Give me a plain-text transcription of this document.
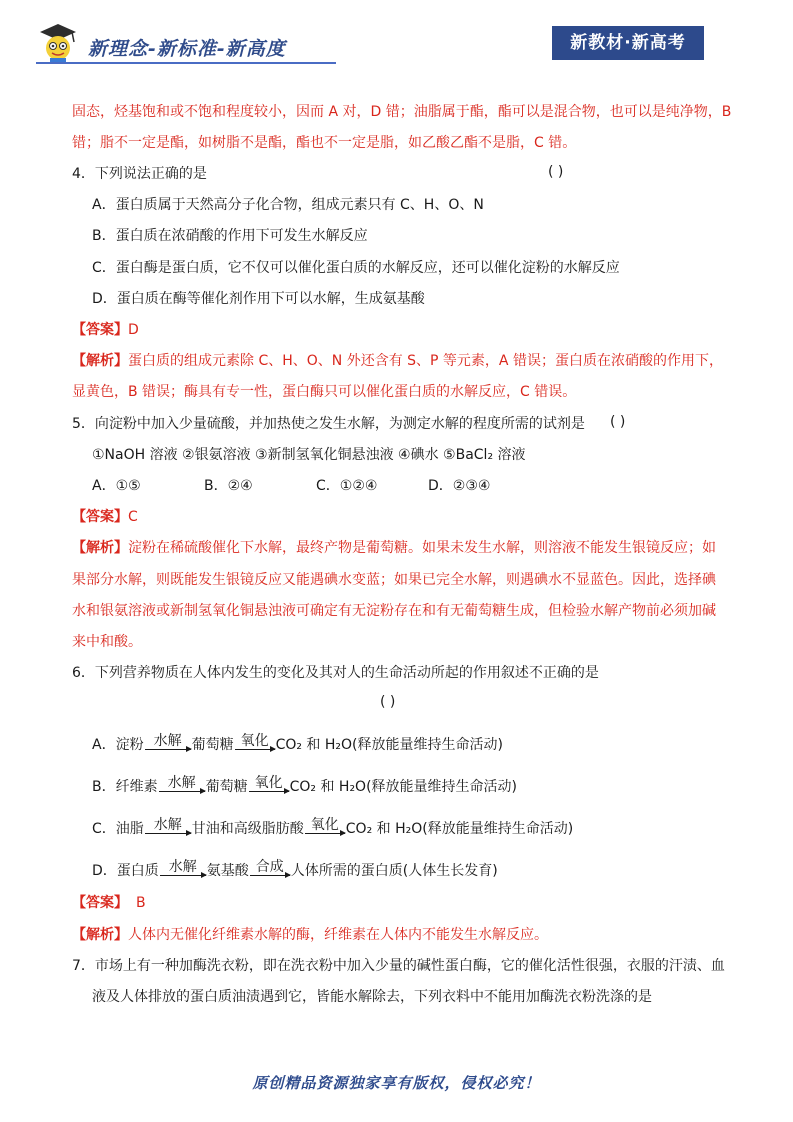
新理念-新标准-新高度	新教材·新高考
固态，烃基饱和或不饱和程度较小，因而 A 对，D 错；油脂属于酯，酯可以是混合物，也可以是纯净物，B
错；脂不一定是酯，如树脂不是酯，酯也不一定是脂，如乙酸乙酯不是脂，C 错。
4．下列说法正确的是	( )
A．蛋白质属于天然高分子化合物，组成元素只有 C、H、O、N
B．蛋白质在浓硝酸的作用下可发生水解反应
C．蛋白酶是蛋白质，它不仅可以催化蛋白质的水解反应，还可以催化淀粉的水解反应
D．蛋白质在酶等催化剂作用下可以水解，生成氨基酸
【答案】D
【解析】蛋白质的组成元素除 C、H、O、N 外还含有 S、P 等元素，A 错误；蛋白质在浓硝酸的作用下，
显黄色，B 错误；酶具有专一性，蛋白酶只可以催化蛋白质的水解反应，C 错误。
5．向淀粉中加入少量硫酸，并加热使之发生水解，为测定水解的程度所需的试剂是 ( )
①NaOH 溶液 ②银氨溶液 ③新制氢氧化铜悬浊液 ④碘水 ⑤BaCl₂ 溶液
A．①⑤	B．②④	C．①②④	D．②③④
【答案】C
【解析】淀粉在稀硫酸催化下水解，最终产物是葡萄糖。如果未发生水解，则溶液不能发生银镜反应；如
果部分水解，则既能发生银镜反应又能遇碘水变蓝；如果已完全水解，则遇碘水不显蓝色。因此，选择碘
水和银氨溶液或新制氢氧化铜悬浊液可确定有无淀粉存在和有无葡萄糖生成，但检验水解产物前必须加碱
来中和酸。
6．下列营养物质在人体内发生的变化及其对人的生命活动所起的作用叙述不正确的是
( )
A．淀粉 水解 葡萄糖 氧化 CO₂ 和 H₂O(释放能量维持生命活动)
B．纤维素 水解 葡萄糖 氧化 CO₂ 和 H₂O(释放能量维持生命活动)
C．油脂 水解 甘油和高级脂肪酸 氧化 CO₂ 和 H₂O(释放能量维持生命活动)
D．蛋白质 水解 氨基酸 合成 人体所需的蛋白质(人体生长发育)
【答案】 B
【解析】人体内无催化纤维素水解的酶，纤维素在人体内不能发生水解反应。
7．市场上有一种加酶洗衣粉，即在洗衣粉中加入少量的碱性蛋白酶，它的催化活性很强，衣服的汗渍、血
液及人体排放的蛋白质油渍遇到它，皆能水解除去，下列衣料中不能用加酶洗衣粉洗涤的是
原创精品资源独家享有版权，侵权必究！
